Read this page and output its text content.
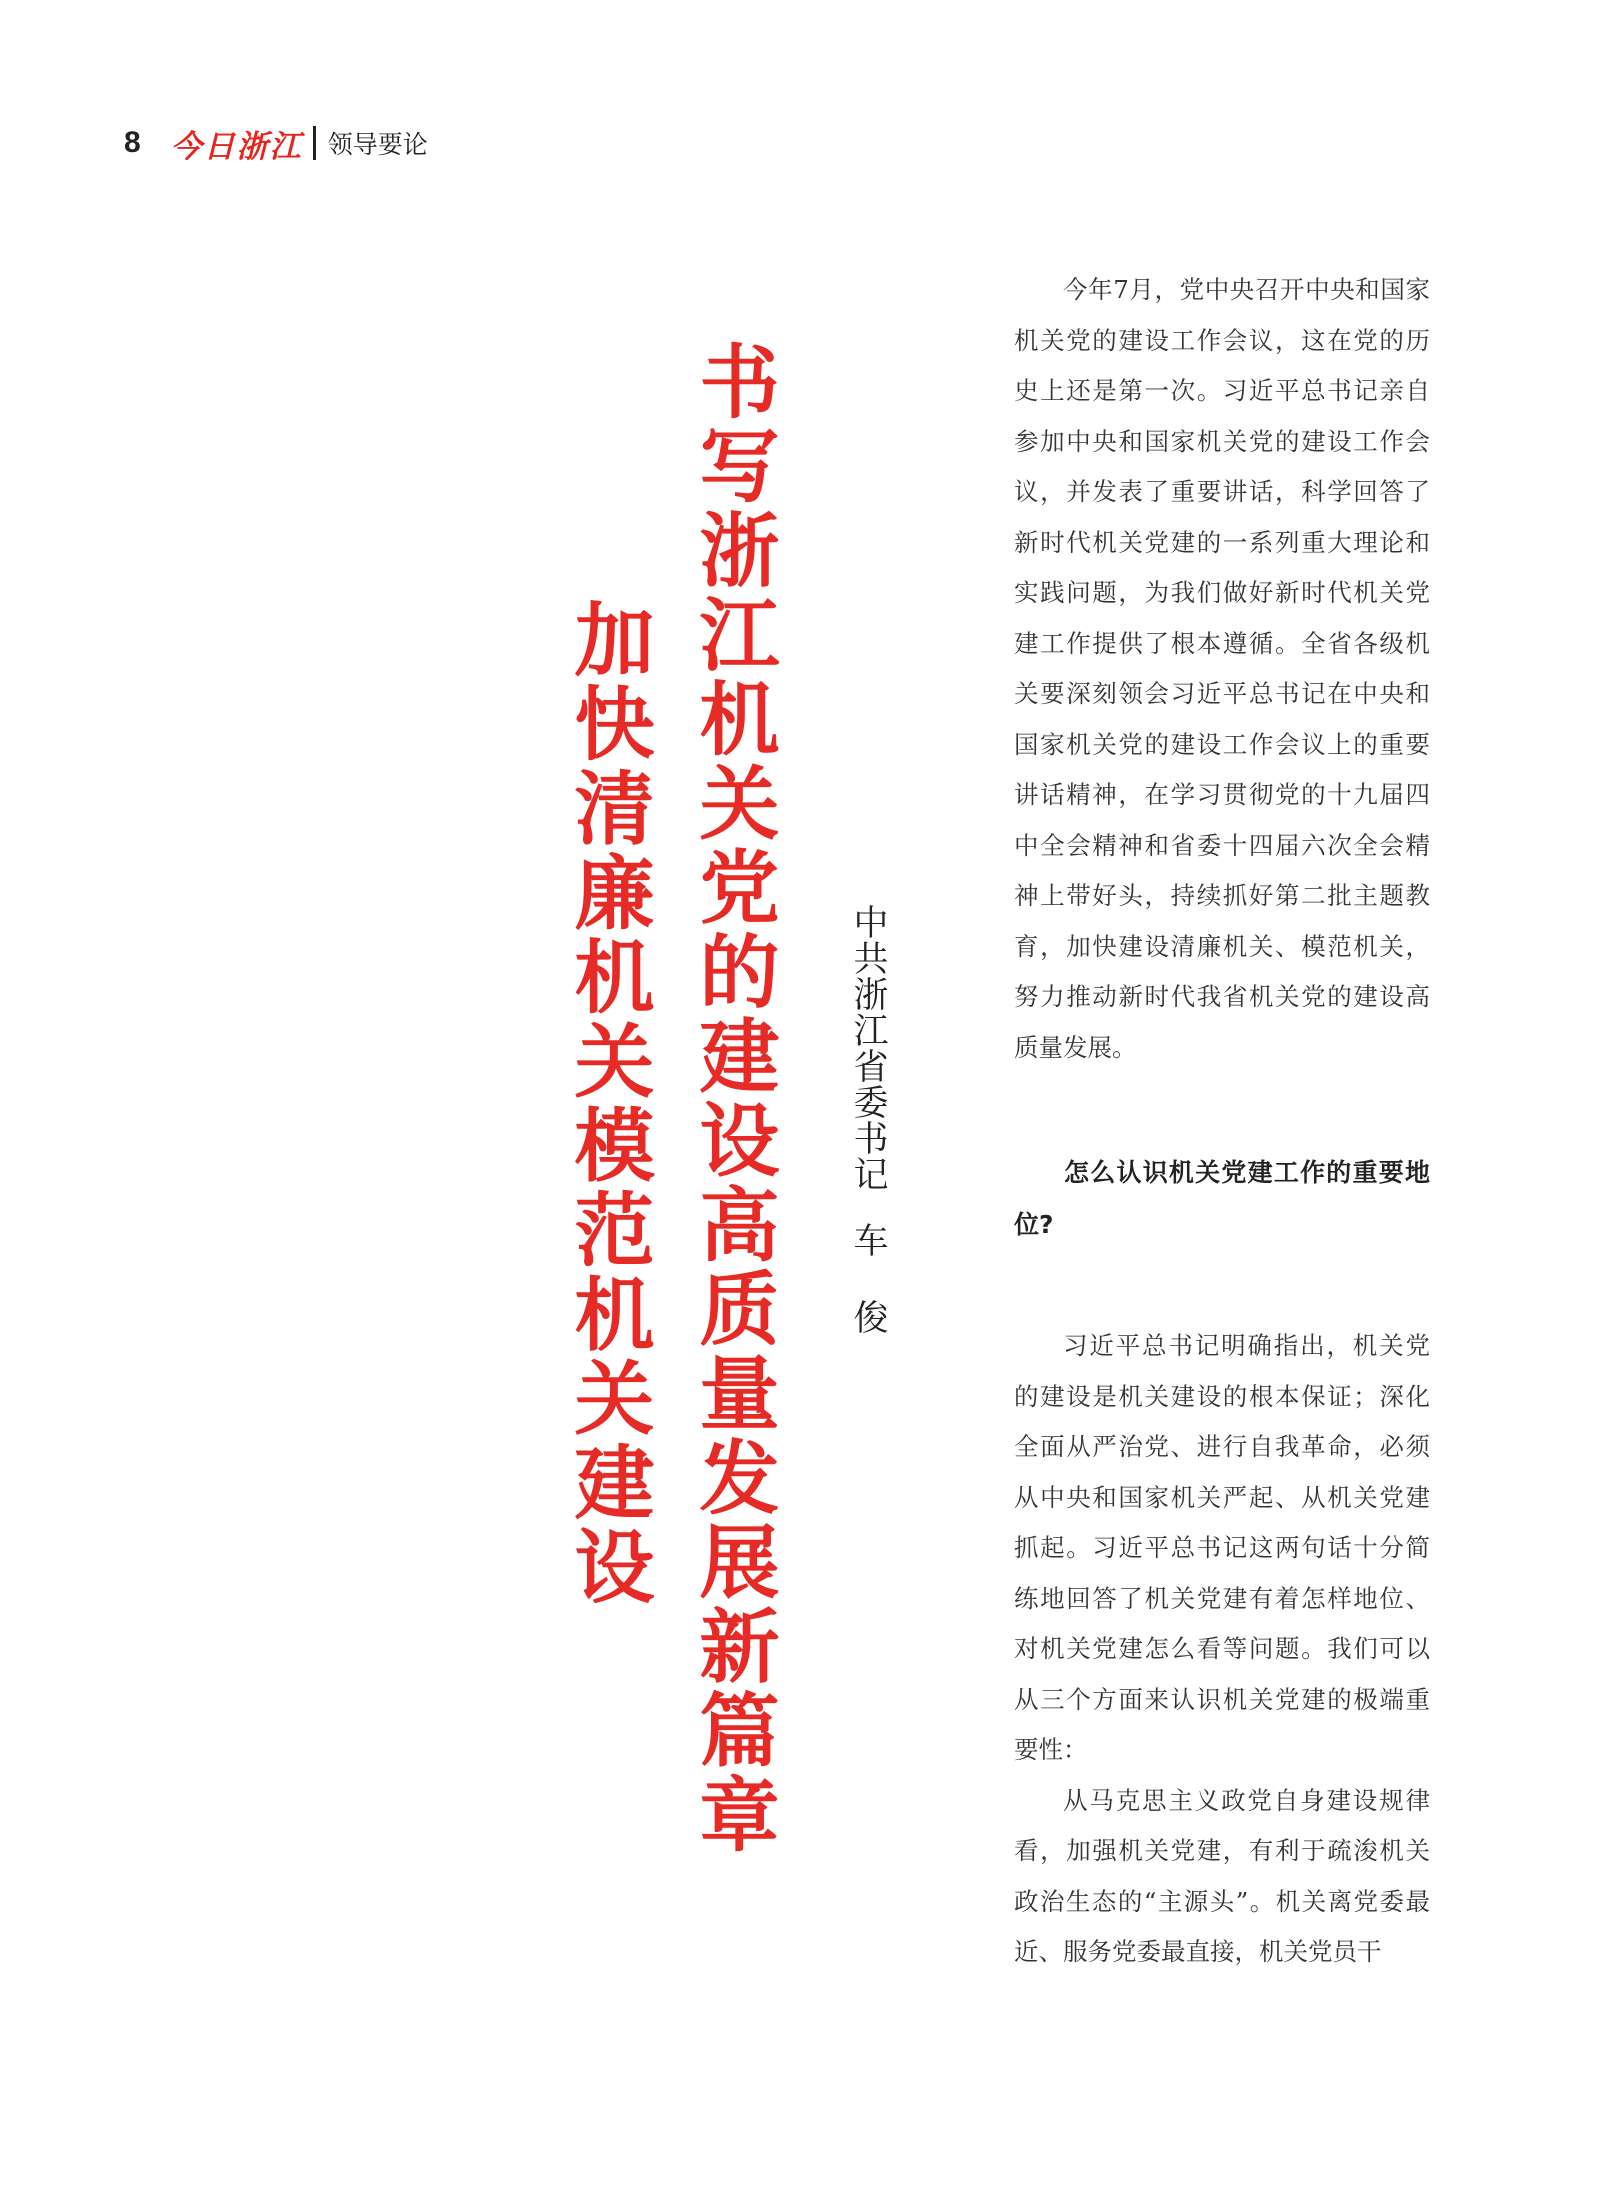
8 今日浙江 领导要论
书写浙江机关党的建设高质量发展新篇章
加快清廉机关模范机关建设	中共浙江省委书记车 俊

今年7月，党中央召开中央和国家机关党的建设工作会议，这在党的历史上还是第一次。习近平总书记亲自参加中央和国家机关党的建设工作会议，并发表了重要讲话，科学回答了新时代机关党建的一系列重大理论和实践问题，为我们做好新时代机关党建工作提供了根本遵循。全省各级机关要深刻领会习近平总书记在中央和国家机关党的建设工作会议上的重要讲话精神，在学习贯彻党的十九届四中全会精神和省委十四届六次全会精神上带好头，持续抓好第二批主题教育，加快建设清廉机关、模范机关，努力推动新时代我省机关党的建设高质量发展。

怎么认识机关党建工作的重要地位?

习近平总书记明确指出，机关党的建设是机关建设的根本保证；深化全面从严治党、进行自我革命，必须从中央和国家机关严起、从机关党建抓起。习近平总书记这两句话十分简练地回答了机关党建有着怎样地位、对机关党建怎么看等问题。我们可以从三个方面来认识机关党建的极端重要性：

从马克思主义政党自身建设规律看，加强机关党建，有利于疏浚机关政治生态的“主源头”。机关离党委最近、服务党委最直接，机关党员干
